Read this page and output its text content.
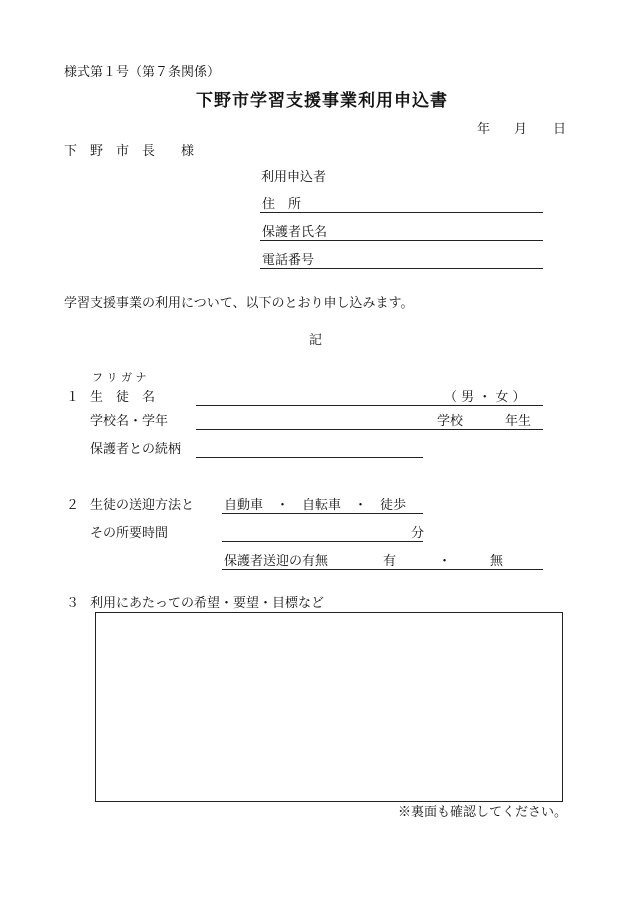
様式第１号（第７条関係）
下野市学習支援事業利用申込書
年 月 日
下　野　市　長　　様
利用申込者
住　所
保護者氏名
電話番号
学習支援事業の利用について、以下のとおり申し込みます。
記
フ リ ガ ナ
１ 生　徒　名	（ 男 ・ 女 ）
学校名・学年	学校	年生
保護者との続柄
２ 生徒の送迎方法と 自動車　・　自転車　・　徒歩
その所要時間	分
保護者送迎の有無	有	・	無
３ 利用にあたっての希望・要望・目標など
※裏面も確認してください。
